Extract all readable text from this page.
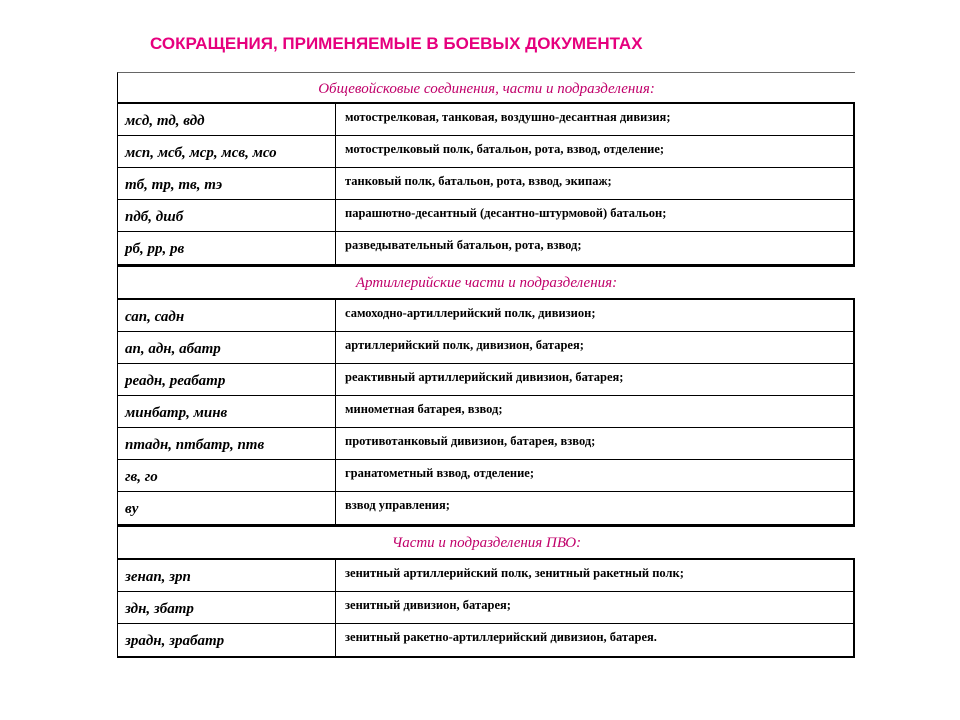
СОКРАЩЕНИЯ, ПРИМЕНЯЕМЫЕ В БОЕВЫХ ДОКУМЕНТАХ
Общевойсковые соединения, части и подразделения:
мсд, тд, вдд	мотострелковая, танковая, воздушно-десантная дивизия;
мсп, мсб, мср, мсв, мсо	мотострелковый полк, батальон, рота, взвод, отделение;
тб, тр, тв, тэ	танковый полк, батальон, рота, взвод, экипаж;
пдб, дшб	парашютно-десантный (десантно-штурмовой) батальон;
рб, рр, рв	разведывательный батальон, рота, взвод;
Артиллерийские части и подразделения:
сап, садн	самоходно-артиллерийский полк, дивизион;
ап, адн, абатр	артиллерийский полк, дивизион, батарея;
реадн, реабатр	реактивный артиллерийский дивизион, батарея;
минбатр, минв	минометная батарея, взвод;
птадн, птбатр, птв	противотанковый дивизион, батарея, взвод;
гв, го	гранатометный взвод, отделение;
ву	взвод управления;
Части и подразделения ПВО:
зенап, зрп	зенитный артиллерийский полк, зенитный ракетный полк;
здн, збатр	зенитный дивизион, батарея;
зрадн, зрабатр	зенитный ракетно-артиллерийский дивизион, батарея.
